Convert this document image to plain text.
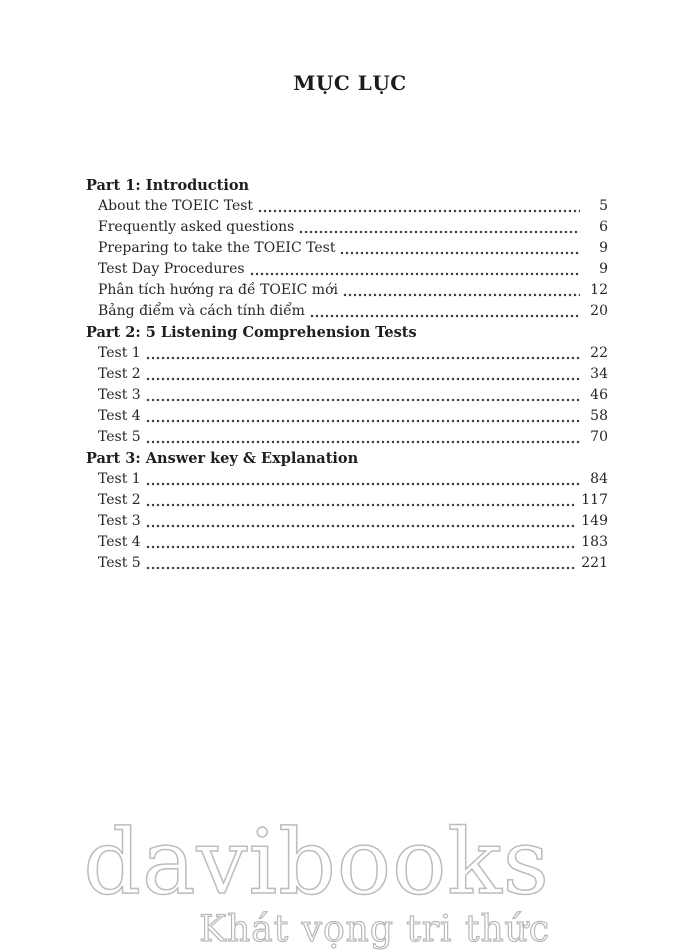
MỤC LỤC
Part 1: Introduction
About the TOEIC Test	5
Frequently asked questions	6
Preparing to take the TOEIC Test	9
Test Day Procedures	9
Phân tích hướng ra đề TOEIC mới	12
Bảng điểm và cách tính điểm	20
Part 2: 5 Listening Comprehension Tests
Test 1	22
Test 2	34
Test 3	46
Test 4	58
Test 5	70
Part 3: Answer key & Explanation
Test 1	84
Test 2	117
Test 3	149
Test 4	183
Test 5	221
davibooks
Khát vọng tri thức
